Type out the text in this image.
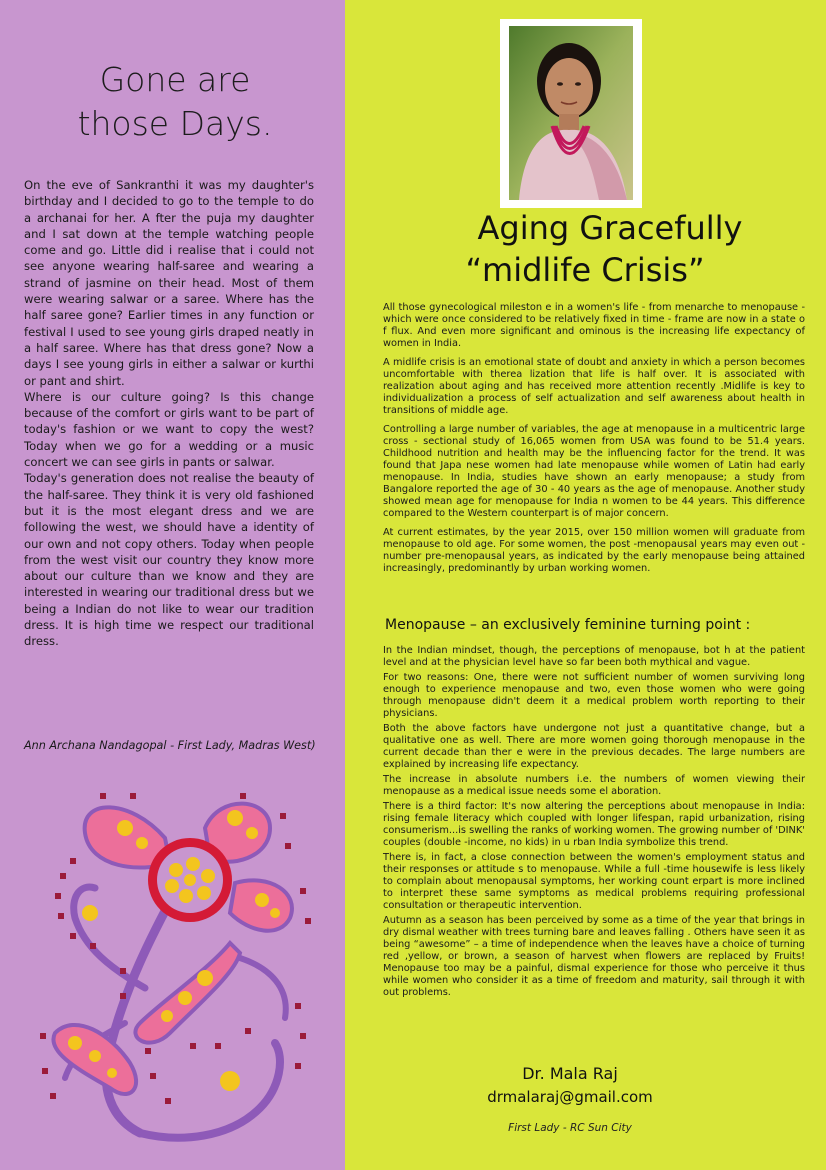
Gone are
those Days.

On the eve of Sankranthi it was my daughter's birthday and I decided to go to the temple to do a archanai for her. A fter the puja my daughter and I sat down at the temple watching people come and go. Little did i realise that i could not see anyone wearing half-saree and wearing a strand of jasmine on their head. Most of them were wearing salwar or a saree. Where has the half saree gone? Earlier times in any function or festival I used to see young girls draped neatly in a half saree. Where has that dress gone? Now a days I see young girls in either a salwar or kurthi or pant and shirt.

Where is our culture going? Is this change because of the comfort or girls want to be part of today's fashion or we want to copy the west? Today when we go for a wedding or a music concert we can see girls in pants or salwar.

Today's generation does not realise the beauty of the half-saree. They think it is very old fashioned but it is the most elegant dress and we are following the west, we should have a identity of our own and not copy others. Today when people from the west visit our country they know more about our culture than we know and they are interested in wearing our traditional dress but we being a Indian do not like to wear our tradition dress. It is high time we respect our traditional dress.

Ann Archana Nandagopal - First Lady, Madras West)
Aging Gracefully
“midlife Crisis”

All those gynecological mileston e in a women's life - from menarche to menopause - which were once considered to be relatively fixed in time - frame are now in a state o f flux. And even more significant and ominous is the increasing life expectancy of women in India.

A midlife crisis is an emotional state of doubt and anxiety in which a person becomes uncomfortable with therea lization that life is half over. It is associated with realization about aging and has received more attention recently .Midlife is key to individualization a process of self actualization and self awareness about health in transitions of middle age.

Controlling a large number of variables, the age at menopause in a multicentric large cross - sectional study of 16,065 women from USA was found to be 51.4 years. Childhood nutrition and health may be the influencing factor for the trend. It was found that Japa nese women had late menopause while women of Latin had early menopause. In India, studies have shown an early menopause; a study from Bangalore reported the age of 30 - 40 years as the age of menopause. Another study showed mean age for menopause for India n women to be 44 years. This difference compared to the Western counterpart is of major concern.

At current estimates, by the year 2015, over 150 million women will graduate from menopause to old age. For some women, the post -menopausal years may even out - number pre-menopausal years, as indicated by the early menopause being attained increasingly, predominantly by urban working women.

Menopause – an exclusively feminine turning point :

In the Indian mindset, though, the perceptions of menopause, bot h at the patient level and at the physician level have so far been both mythical and vague.

For two reasons: One, there were not sufficient number of women surviving long enough to experience menopause and two, even those women who were going through menopause didn't deem it a medical problem worth reporting to their physicians.

Both the above factors have undergone not just a quantitative change, but a qualitative one as well. There are more women going thorough menopause in the current decade than ther e were in the previous decades. The large numbers are explained by increasing life expectancy.

The increase in absolute numbers i.e. the numbers of women viewing their menopause as a medical issue needs some el aboration.

There is a third factor: It's now altering the perceptions about menopause in India: rising female literacy which coupled with longer lifespan, rapid urbanization, rising consumerism...is swelling the ranks of working women. The growing number of 'DINK' couples (double -income, no kids) in u rban India symbolize this trend.

There is, in fact, a close connection between the women's employment status and their responses or attitude s to menopause. While a full -time housewife is less likely to complain about menopausal symptoms, her working count erpart is more inclined to interpret these same symptoms as medical problems requiring professional consultation or therapeutic intervention.

Autumn as a season has been perceived by some as a time of the year that brings in dry dismal weather with trees turning bare and leaves falling . Others have seen it as being “awesome” – a time of independence when the leaves have a choice of turning red ,yellow, or brown, a season of harvest when flowers are replaced by Fruits! Menopause too may be a painful, dismal experience for those who perceive it thus while women who consider it as a time of freedom and maturity, sail through it with out problems.

Dr. Mala Raj
drmalaraj@gmail.com
First Lady - RC Sun City
